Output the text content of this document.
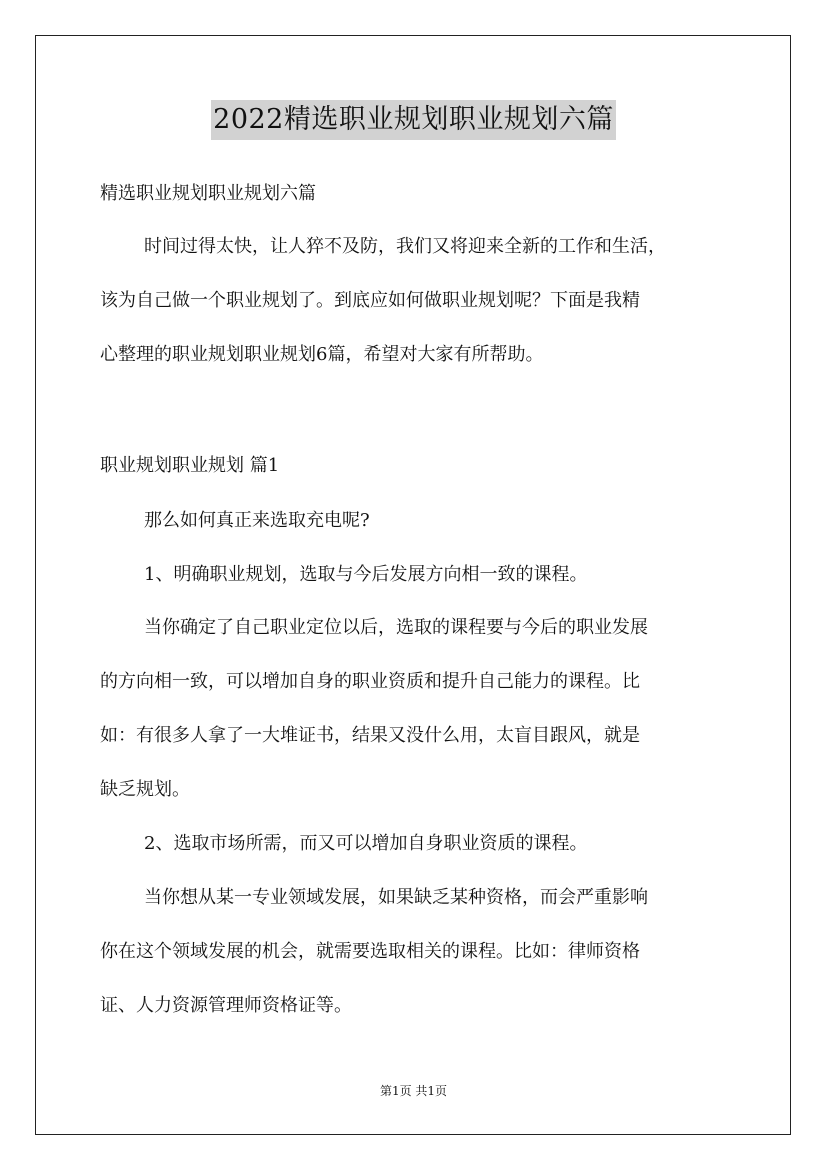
2022精选职业规划职业规划六篇
精选职业规划职业规划六篇
时间过得太快，让人猝不及防，我们又将迎来全新的工作和生活，
该为自己做一个职业规划了。到底应如何做职业规划呢？下面是我精
心整理的职业规划职业规划6篇，希望对大家有所帮助。
职业规划职业规划 篇1
那么如何真正来选取充电呢?
1、明确职业规划，选取与今后发展方向相一致的课程。
当你确定了自己职业定位以后，选取的课程要与今后的职业发展
的方向相一致，可以增加自身的职业资质和提升自己能力的课程。比
如：有很多人拿了一大堆证书，结果又没什么用，太盲目跟风，就是
缺乏规划。
2、选取市场所需，而又可以增加自身职业资质的课程。
当你想从某一专业领域发展，如果缺乏某种资格，而会严重影响
你在这个领域发展的机会，就需要选取相关的课程。比如：律师资格
证、人力资源管理师资格证等。
第1页 共1页
